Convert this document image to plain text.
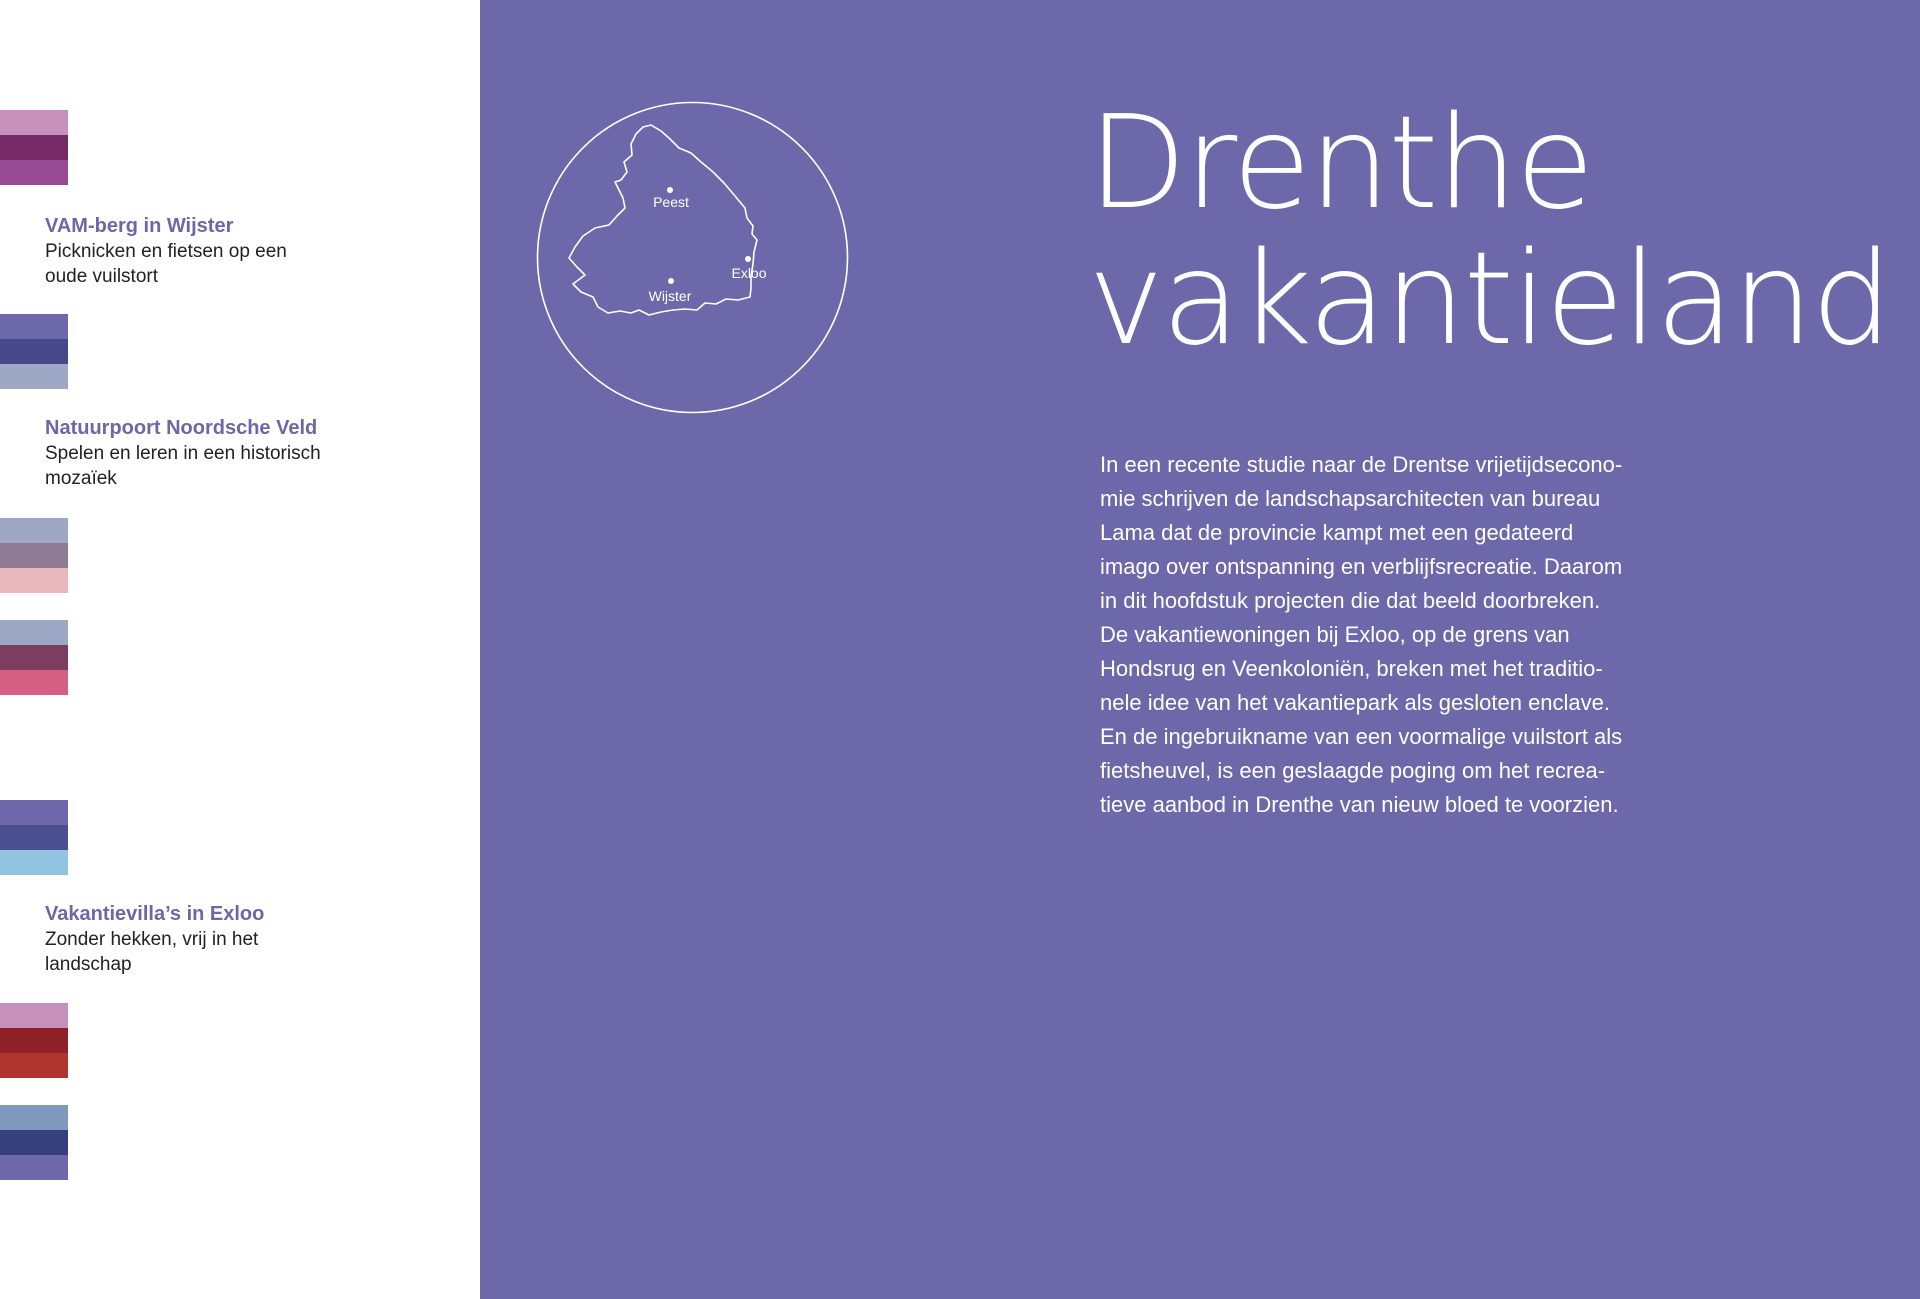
VAM-berg in Wijster

Picknicken en fietsen op een
oude vuilstort

Natuurpoort Noordsche Veld

Spelen en leren in een historisch
mozaïek

Vakantievilla’s in Exloo

Zonder hekken, vrij in het
landschap

Peest
Exloo
Wijster
Drenthe
vakantieland

In een recente studie naar de Drentse vrijetijdsecono-
mie schrijven de landschapsarchitecten van bureau
Lama dat de provincie kampt met een gedateerd
imago over ontspanning en verblijfsrecreatie. Daarom
in dit hoofdstuk projecten die dat beeld doorbreken.
De vakantiewoningen bij Exloo, op de grens van
Hondsrug en Veenkoloniën, breken met het traditio-
nele idee van het vakantiepark als gesloten enclave.
En de ingebruikname van een voormalige vuilstort als
fietsheuvel, is een geslaagde poging om het recrea-
tieve aanbod in Drenthe van nieuw bloed te voorzien.
